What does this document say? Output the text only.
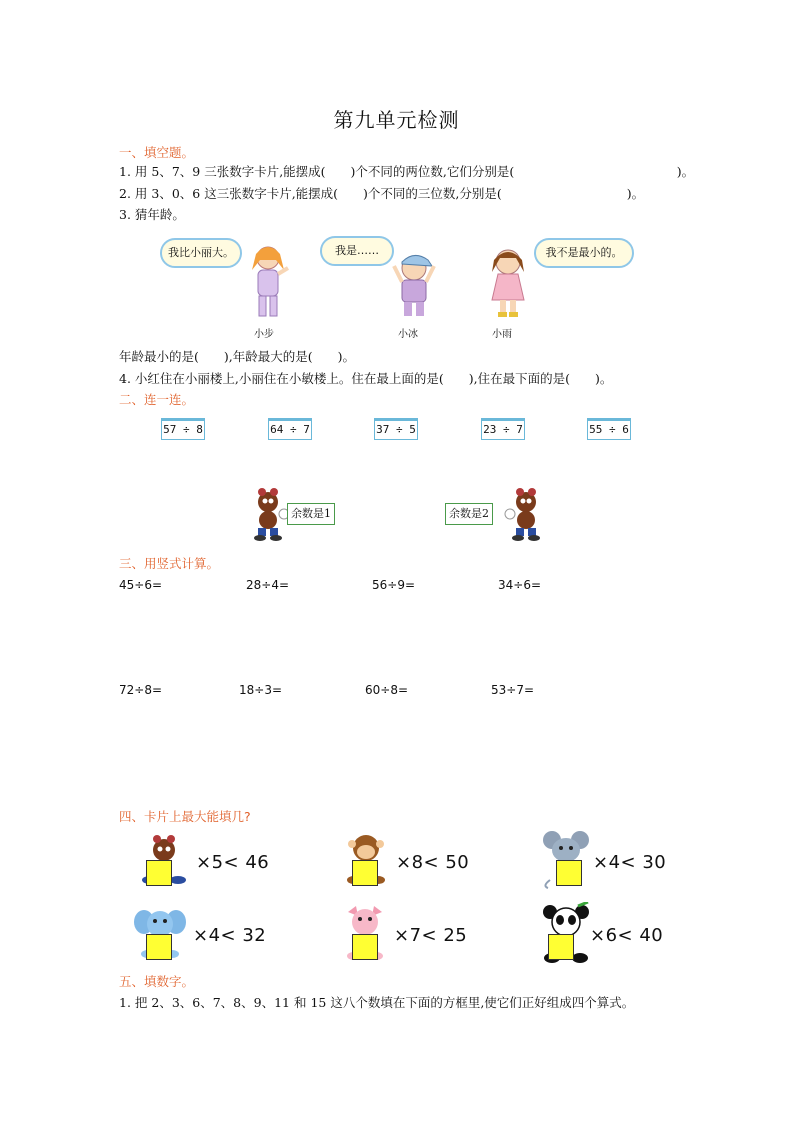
第九单元检测
一、填空题。
1. 用 5、7、9 三张数字卡片,能摆成(　　)个不同的两位数,它们分别是(　　　　　　　　　　　　　)。
2. 用 3、0、6 这三张数字卡片,能摆成(　　)个不同的三位数,分别是(　　　　　　　　　　)。
3. 猜年龄。
我比小丽大。	我是……	我不是最小的。
小步	小冰	小雨
年龄最小的是(　　),年龄最大的是(　　)。
4. 小红住在小丽楼上,小丽住在小敏楼上。住在最上面的是(　　),住在最下面的是(　　)。
二、连一连。
57 ÷ 8	64 ÷ 7	37 ÷ 5	23 ÷ 7	55 ÷ 6
余数是1	余数是2
三、用竖式计算。
45÷6=	28÷4=	56÷9=	34÷6=
72÷8=	18÷3=	60÷8=	53÷7=
四、卡片上最大能填几?
×5< 46	×8< 50	×4< 30
×4< 32	×7< 25	×6< 40
五、填数字。
1. 把 2、3、6、7、8、9、11 和 15 这八个数填在下面的方框里,使它们正好组成四个算式。
